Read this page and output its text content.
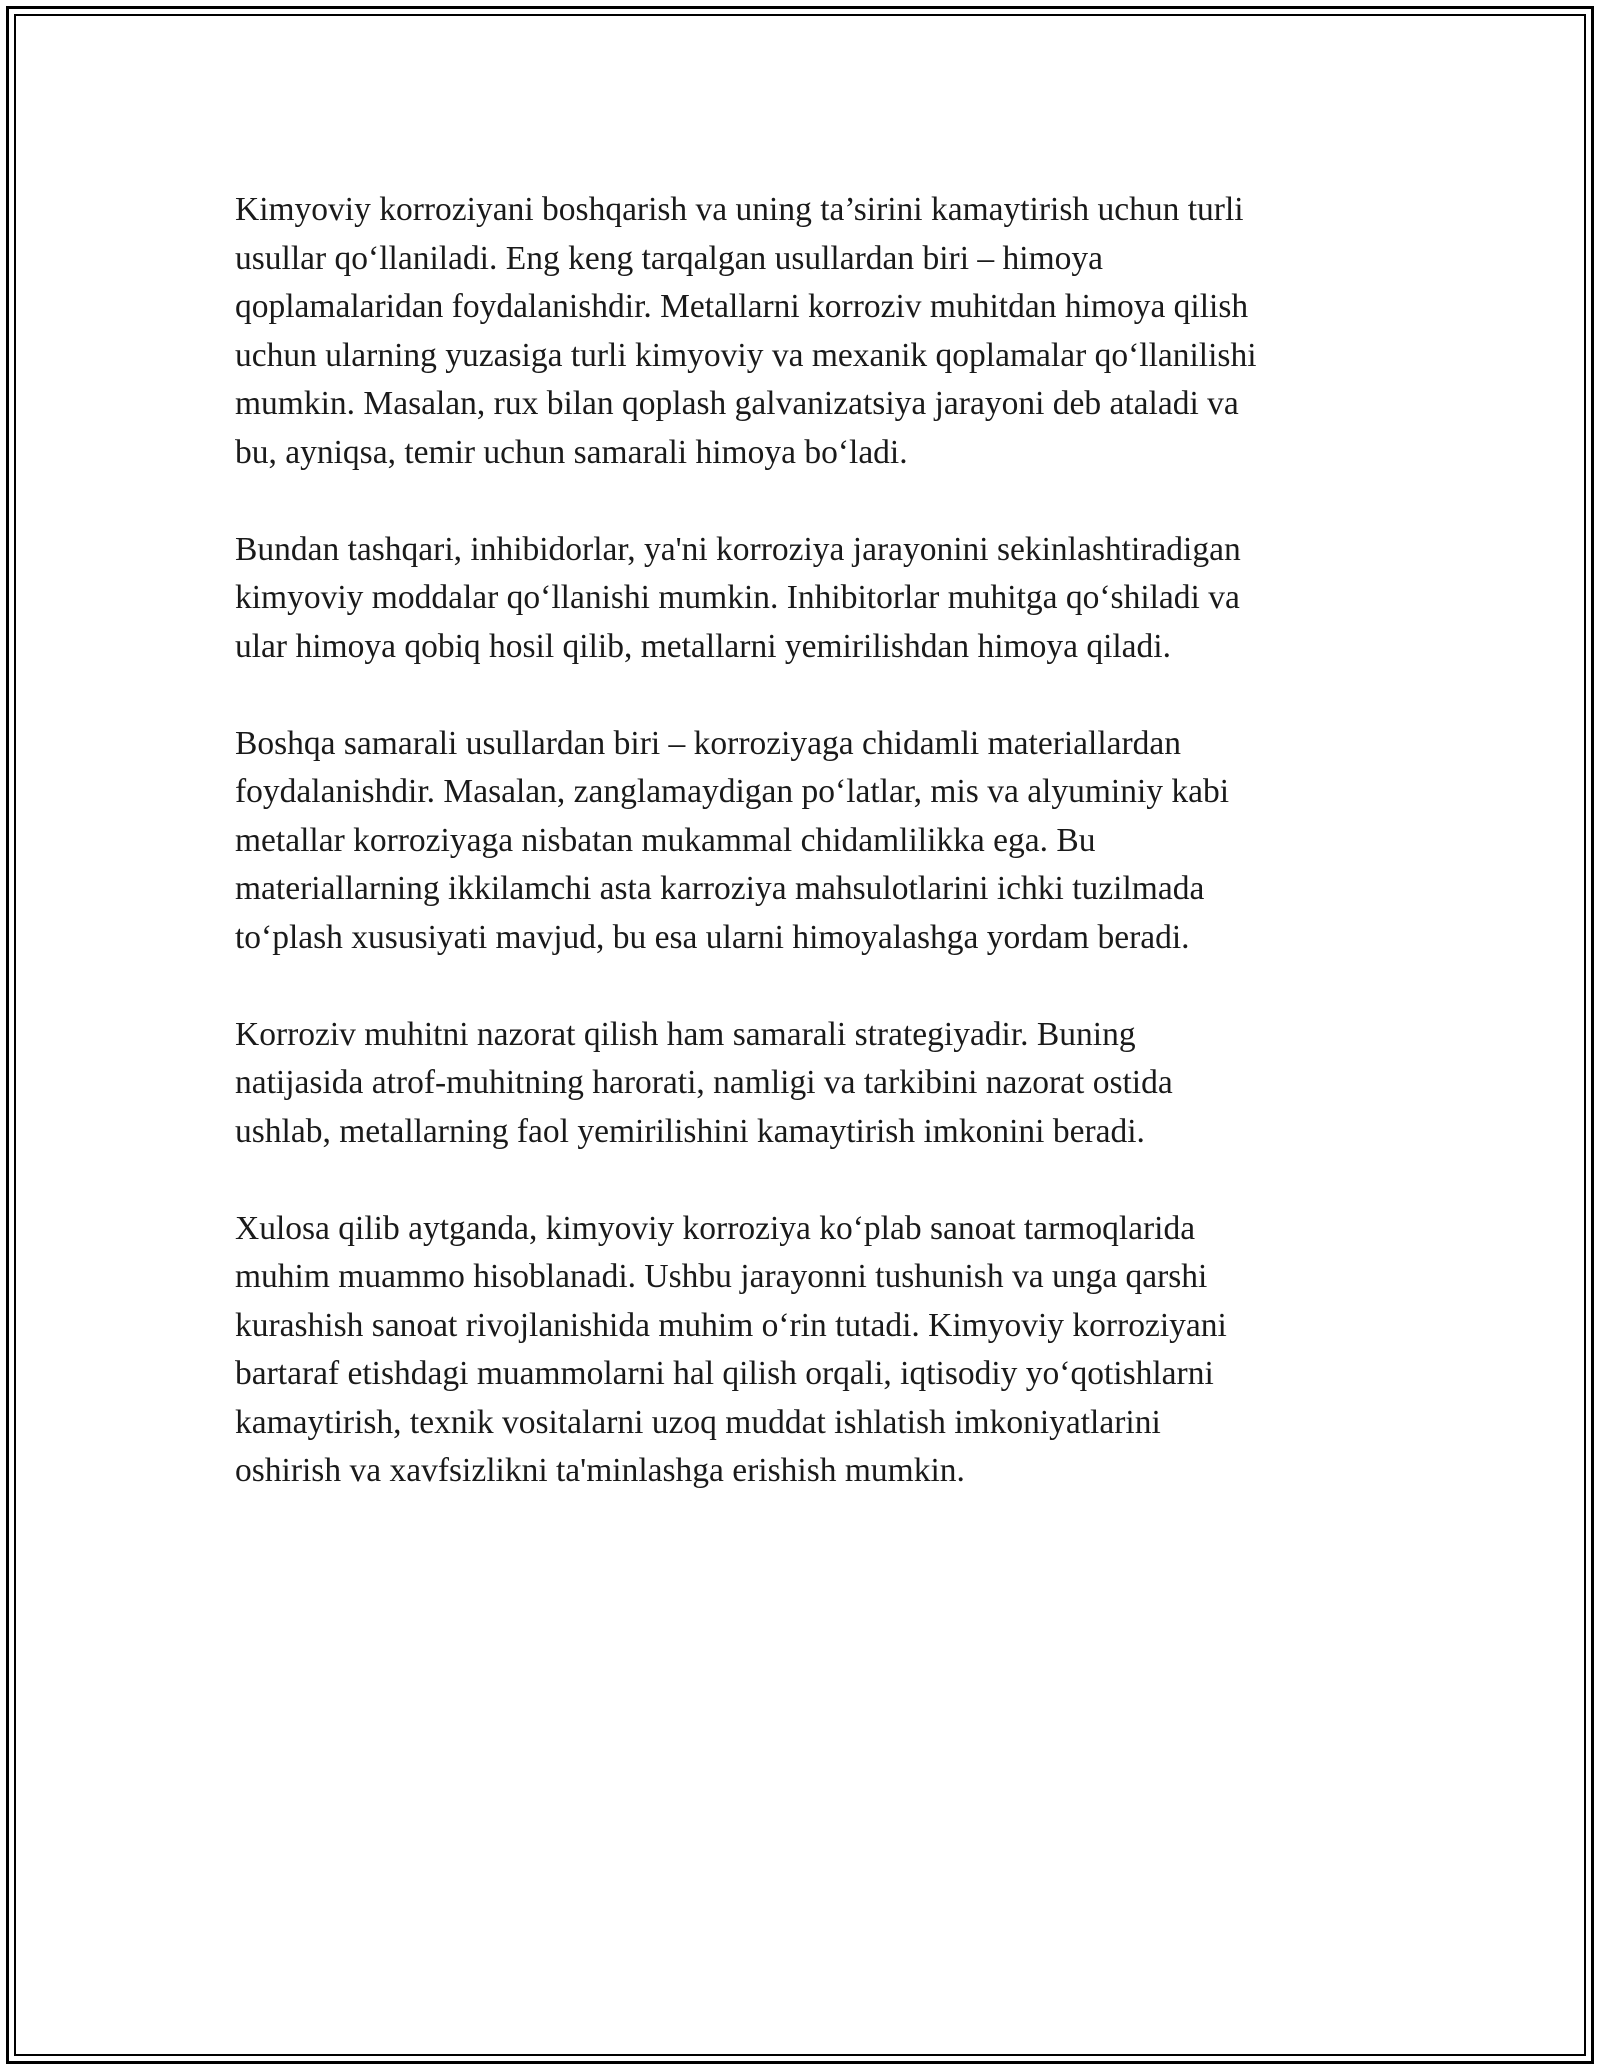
Kimyoviy korroziyani boshqarish va uning ta’sirini kamaytirish uchun turli
usullar qo‘llaniladi. Eng keng tarqalgan usullardan biri – himoya
qoplamalaridan foydalanishdir. Metallarni korroziv muhitdan himoya qilish
uchun ularning yuzasiga turli kimyoviy va mexanik qoplamalar qo‘llanilishi
mumkin. Masalan, rux bilan qoplash galvanizatsiya jarayoni deb ataladi va
bu, ayniqsa, temir uchun samarali himoya bo‘ladi.

Bundan tashqari, inhibidorlar, ya'ni korroziya jarayonini sekinlashtiradigan
kimyoviy moddalar qo‘llanishi mumkin. Inhibitorlar muhitga qo‘shiladi va
ular himoya qobiq hosil qilib, metallarni yemirilishdan himoya qiladi.

Boshqa samarali usullardan biri – korroziyaga chidamli materiallardan
foydalanishdir. Masalan, zanglamaydigan po‘latlar, mis va alyuminiy kabi
metallar korroziyaga nisbatan mukammal chidamlilikka ega. Bu
materiallarning ikkilamchi asta karroziya mahsulotlarini ichki tuzilmada
to‘plash xususiyati mavjud, bu esa ularni himoyalashga yordam beradi.

Korroziv muhitni nazorat qilish ham samarali strategiyadir. Buning
natijasida atrof-muhitning harorati, namligi va tarkibini nazorat ostida
ushlab, metallarning faol yemirilishini kamaytirish imkonini beradi.

Xulosa qilib aytganda, kimyoviy korroziya ko‘plab sanoat tarmoqlarida
muhim muammo hisoblanadi. Ushbu jarayonni tushunish va unga qarshi
kurashish sanoat rivojlanishida muhim o‘rin tutadi. Kimyoviy korroziyani
bartaraf etishdagi muammolarni hal qilish orqali, iqtisodiy yo‘qotishlarni
kamaytirish, texnik vositalarni uzoq muddat ishlatish imkoniyatlarini
oshirish va xavfsizlikni ta'minlashga erishish mumkin.
